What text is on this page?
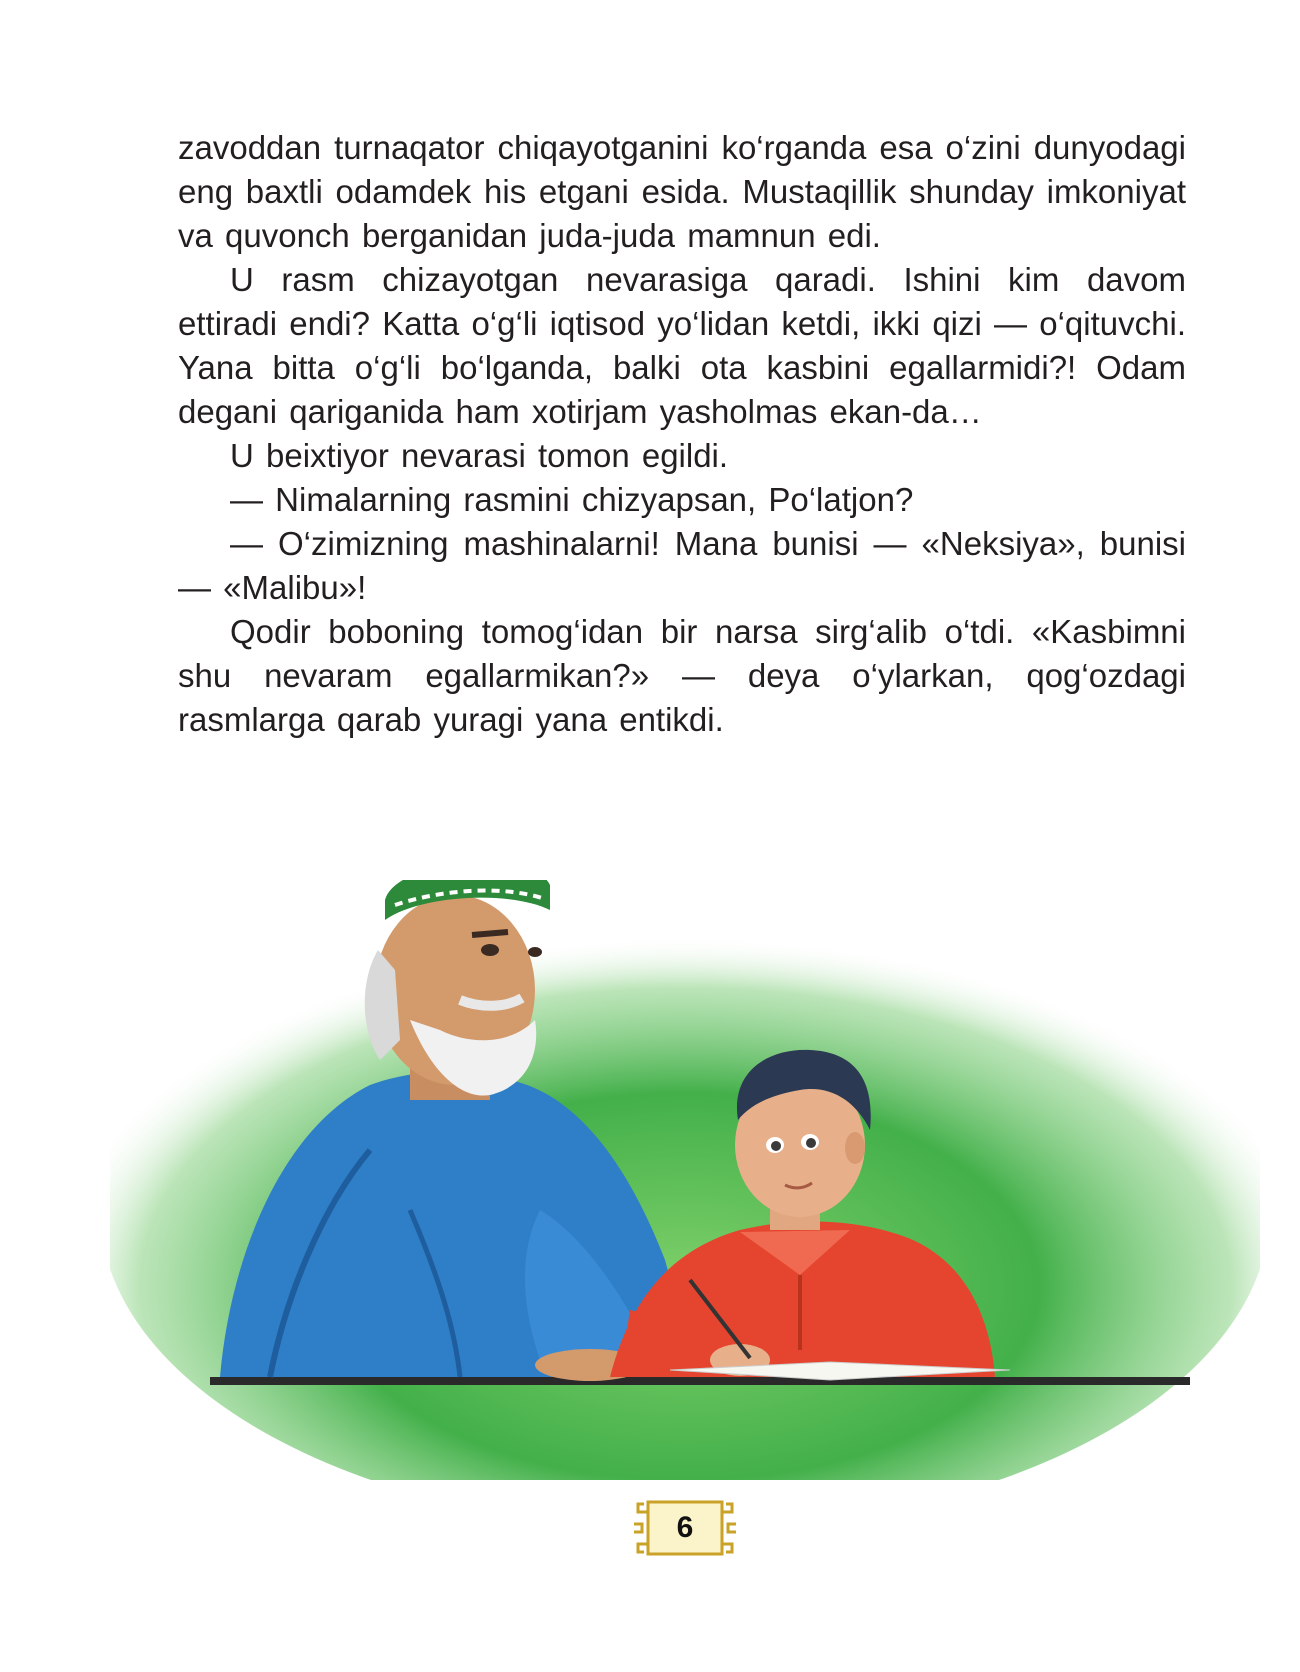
zavoddan turnaqator chiqayotganini ko‘rganda esa o‘zini dunyodagi eng baxtli odamdek his etgani esida. Mustaqillik shunday imkoniyat va quvonch berganidan juda-juda mamnun edi.

U rasm chizayotgan nevarasiga qaradi. Ishini kim davom ettiradi endi? Katta o‘g‘li iqtisod yo‘lidan ketdi, ikki qizi — o‘qituvchi. Yana bitta o‘g‘li bo‘lganda, balki ota kasbini egallarmidi?! Odam degani qariganida ham xotirjam yasholmas ekan-da…

U beixtiyor nevarasi tomon egildi.

— Nimalarning rasmini chizyapsan, Po‘latjon?

— O‘zimizning mashinalarni! Mana bunisi — «Neksiya», bunisi — «Malibu»!

Qodir boboning tomog‘idan bir narsa sirg‘alib o‘tdi. «Kasbimni shu nevaram egallarmikan?» — deya o‘ylarkan, qog‘ozdagi rasmlarga qarab yuragi yana entikdi.

6
